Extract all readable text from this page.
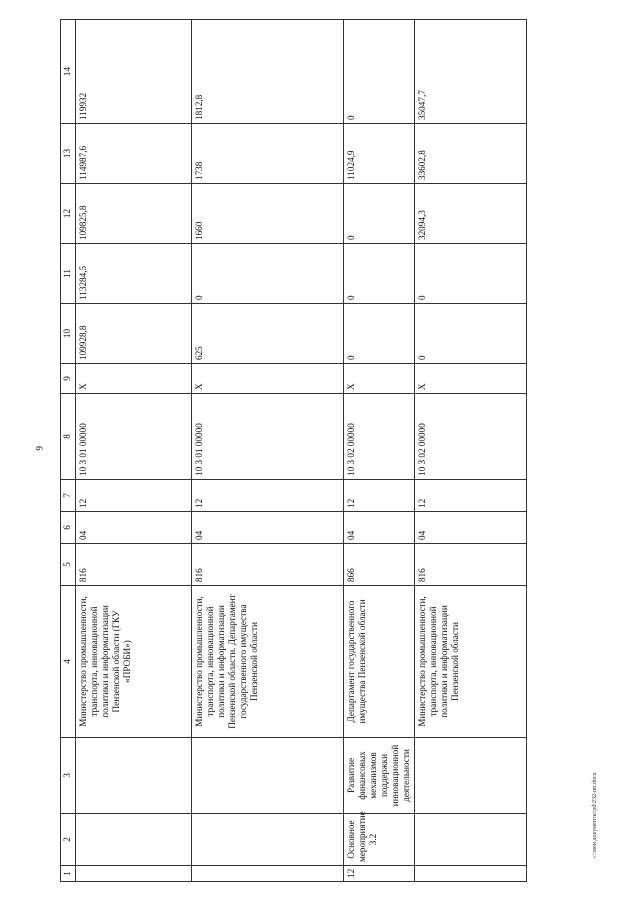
6
1	2	3	4	5	6	7	8	9	10	11	12	13	14
			Министерство промышленности, транспорта, инновационной политики и информатизации Пензенской области (ГКУ «ПРОБИ»)	816	04	12	10 3 01 00000	Х	109928,8	113284,5	109825,8	114987,6	119932
			Министерство промышленности, транспорта, инновационной политики и информатизации Пензенской области. Департамент государственного имущества Пензенской области	816	04	12	10 3 01 00000	Х	625	0	1660	1738	1812,8
12	Основное мероприятие 3.2	Развитие финансовых механизмов поддержки инновационной деятельности	Департамент государственного имущества Пензенской области	866	04	12	10 3 02 00000	Х	0	0	0	11024,9	0
			Министерство промышленности, транспорта, инновационной политики и информатизации Пензенской области	816	04	12	10 3 02 00000	Х	0	0	32094,3	33602,8	35047,7
c:\мои документы\pd\232-пп.docx
